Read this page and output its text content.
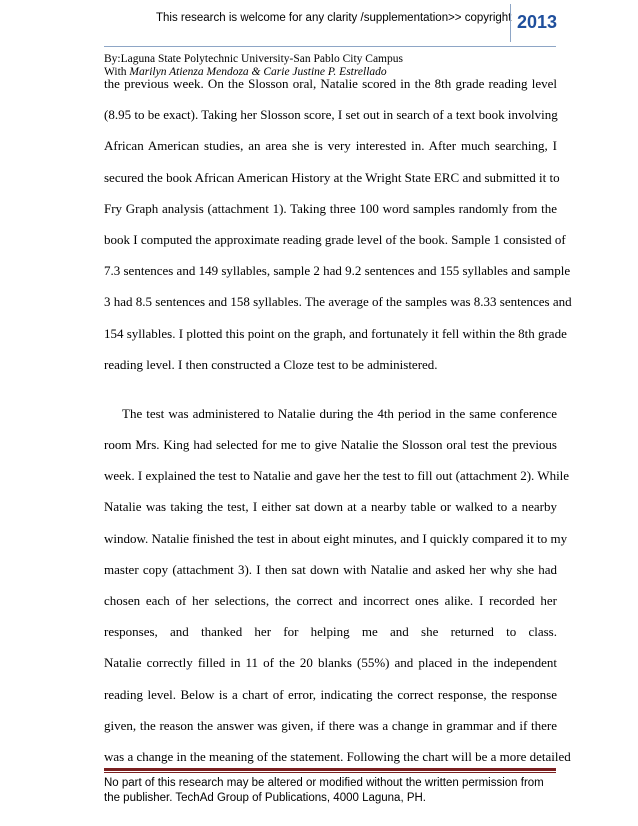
This research is welcome for any clarity /supplementation>> copyright 2013
By:Laguna State Polytechnic University-San Pablo City Campus
With Marilyn Atienza Mendoza & Carie Justine P. Estrellado
the previous week. On the Slosson oral, Natalie scored in the 8th grade reading level
(8.95 to be exact). Taking her Slosson score, I set out in search of a text book involving
African American studies, an area she is very interested in. After much searching, I
secured the book African American History at the Wright State ERC and submitted it to
Fry Graph analysis (attachment 1). Taking three 100 word samples randomly from the
book I computed the approximate reading grade level of the book. Sample 1 consisted of
7.3 sentences and 149 syllables, sample 2 had 9.2 sentences and 155 syllables and sample
3 had 8.5 sentences and 158 syllables. The average of the samples was 8.33 sentences and
154 syllables. I plotted this point on the graph, and fortunately it fell within the 8th grade
reading level. I then constructed a Cloze test to be administered.
The test was administered to Natalie during the 4th period in the same conference
room Mrs. King had selected for me to give Natalie the Slosson oral test the previous
week. I explained the test to Natalie and gave her the test to fill out (attachment 2). While
Natalie was taking the test, I either sat down at a nearby table or walked to a nearby
window. Natalie finished the test in about eight minutes, and I quickly compared it to my
master copy (attachment 3). I then sat down with Natalie and asked her why she had
chosen each of her selections, the correct and incorrect ones alike. I recorded her
responses, and thanked her for helping me and she returned to class.
Natalie correctly filled in 11 of the 20 blanks (55%) and placed in the independent
reading level. Below is a chart of error, indicating the correct response, the response
given, the reason the answer was given, if there was a change in grammar and if there
was a change in the meaning of the statement. Following the chart will be a more detailed
No part of this research may be altered or modified without the written permission from
the publisher. TechAd Group of Publications, 4000 Laguna, PH.
